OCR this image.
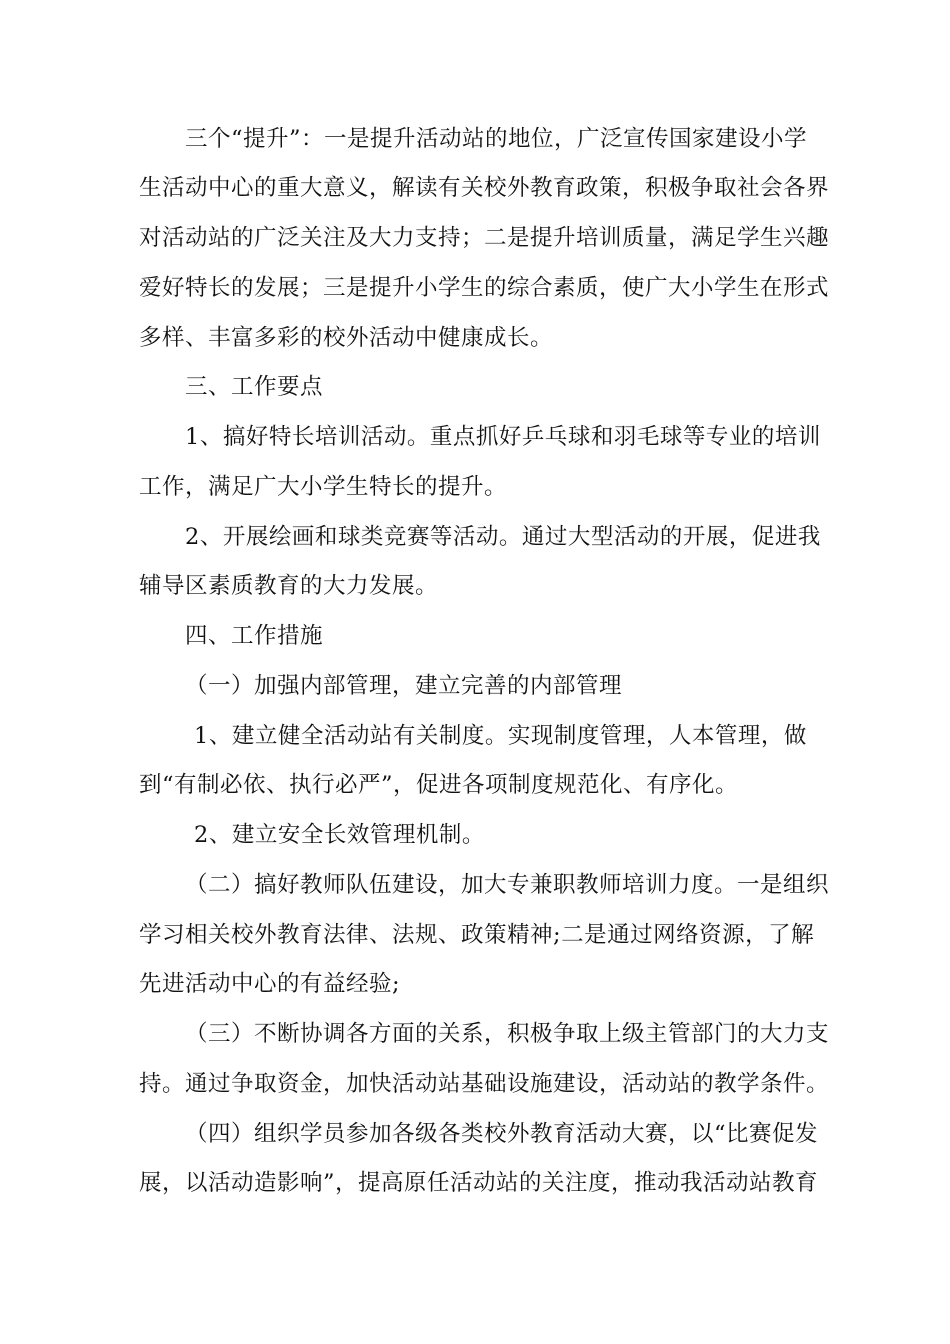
三个“提升”：一是提升活动站的地位，广泛宣传国家建设小学
生活动中心的重大意义，解读有关校外教育政策，积极争取社会各界
对活动站的广泛关注及大力支持；二是提升培训质量，满足学生兴趣
爱好特长的发展；三是提升小学生的综合素质，使广大小学生在形式
多样、丰富多彩的校外活动中健康成长。
三、工作要点
1、搞好特长培训活动。重点抓好乒乓球和羽毛球等专业的培训
工作，满足广大小学生特长的提升。
2、开展绘画和球类竞赛等活动。通过大型活动的开展，促进我
辅导区素质教育的大力发展。
四、工作措施
（一）加强内部管理，建立完善的内部管理
1、建立健全活动站有关制度。实现制度管理，人本管理，做
到“有制必依、执行必严”，促进各项制度规范化、有序化。
2、建立安全长效管理机制。
（二）搞好教师队伍建设，加大专兼职教师培训力度。一是组织
学习相关校外教育法律、法规、政策精神;二是通过网络资源，了解
先进活动中心的有益经验;
（三）不断协调各方面的关系，积极争取上级主管部门的大力支
持。通过争取资金，加快活动站基础设施建设，活动站的教学条件。
（四）组织学员参加各级各类校外教育活动大赛，以“比赛促发
展，以活动造影响”，提高原任活动站的关注度，推动我活动站教育
